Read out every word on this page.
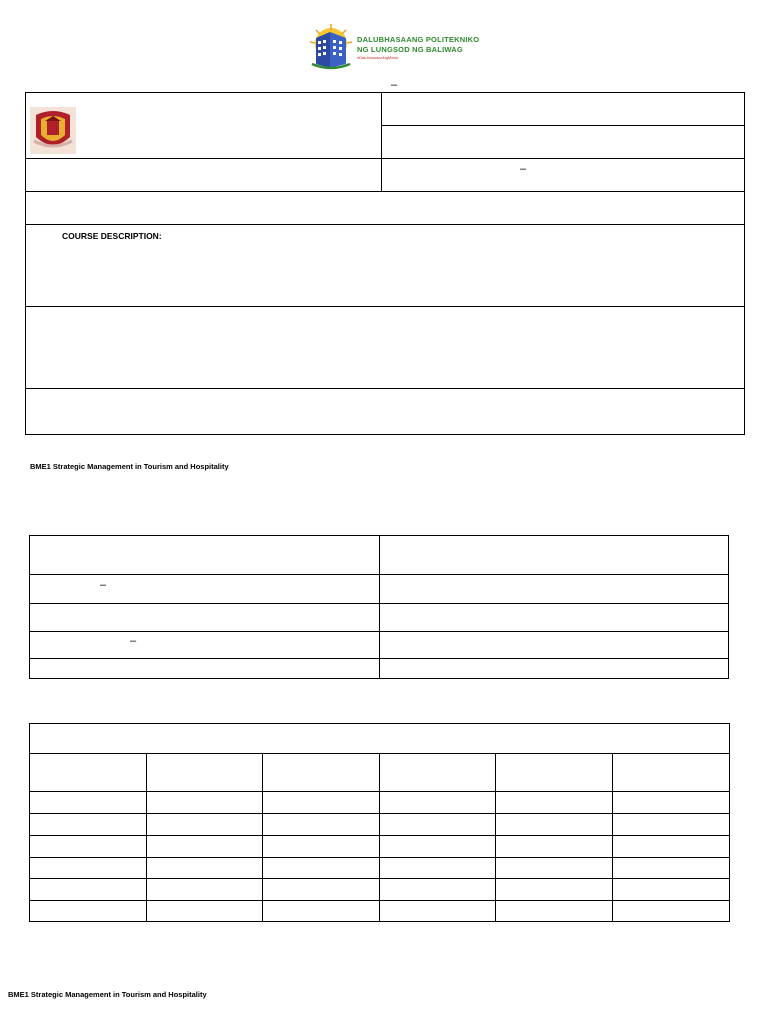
DALUBHASAANG POLITEKNIKO
NG LUNGSOD NG BALIWAG
#DalubhasaanNgMatal
–
–
COURSE DESCRIPTION:
BME1 Strategic Management in Tourism and Hospitality
–
–
BME1 Strategic Management in Tourism and Hospitality
